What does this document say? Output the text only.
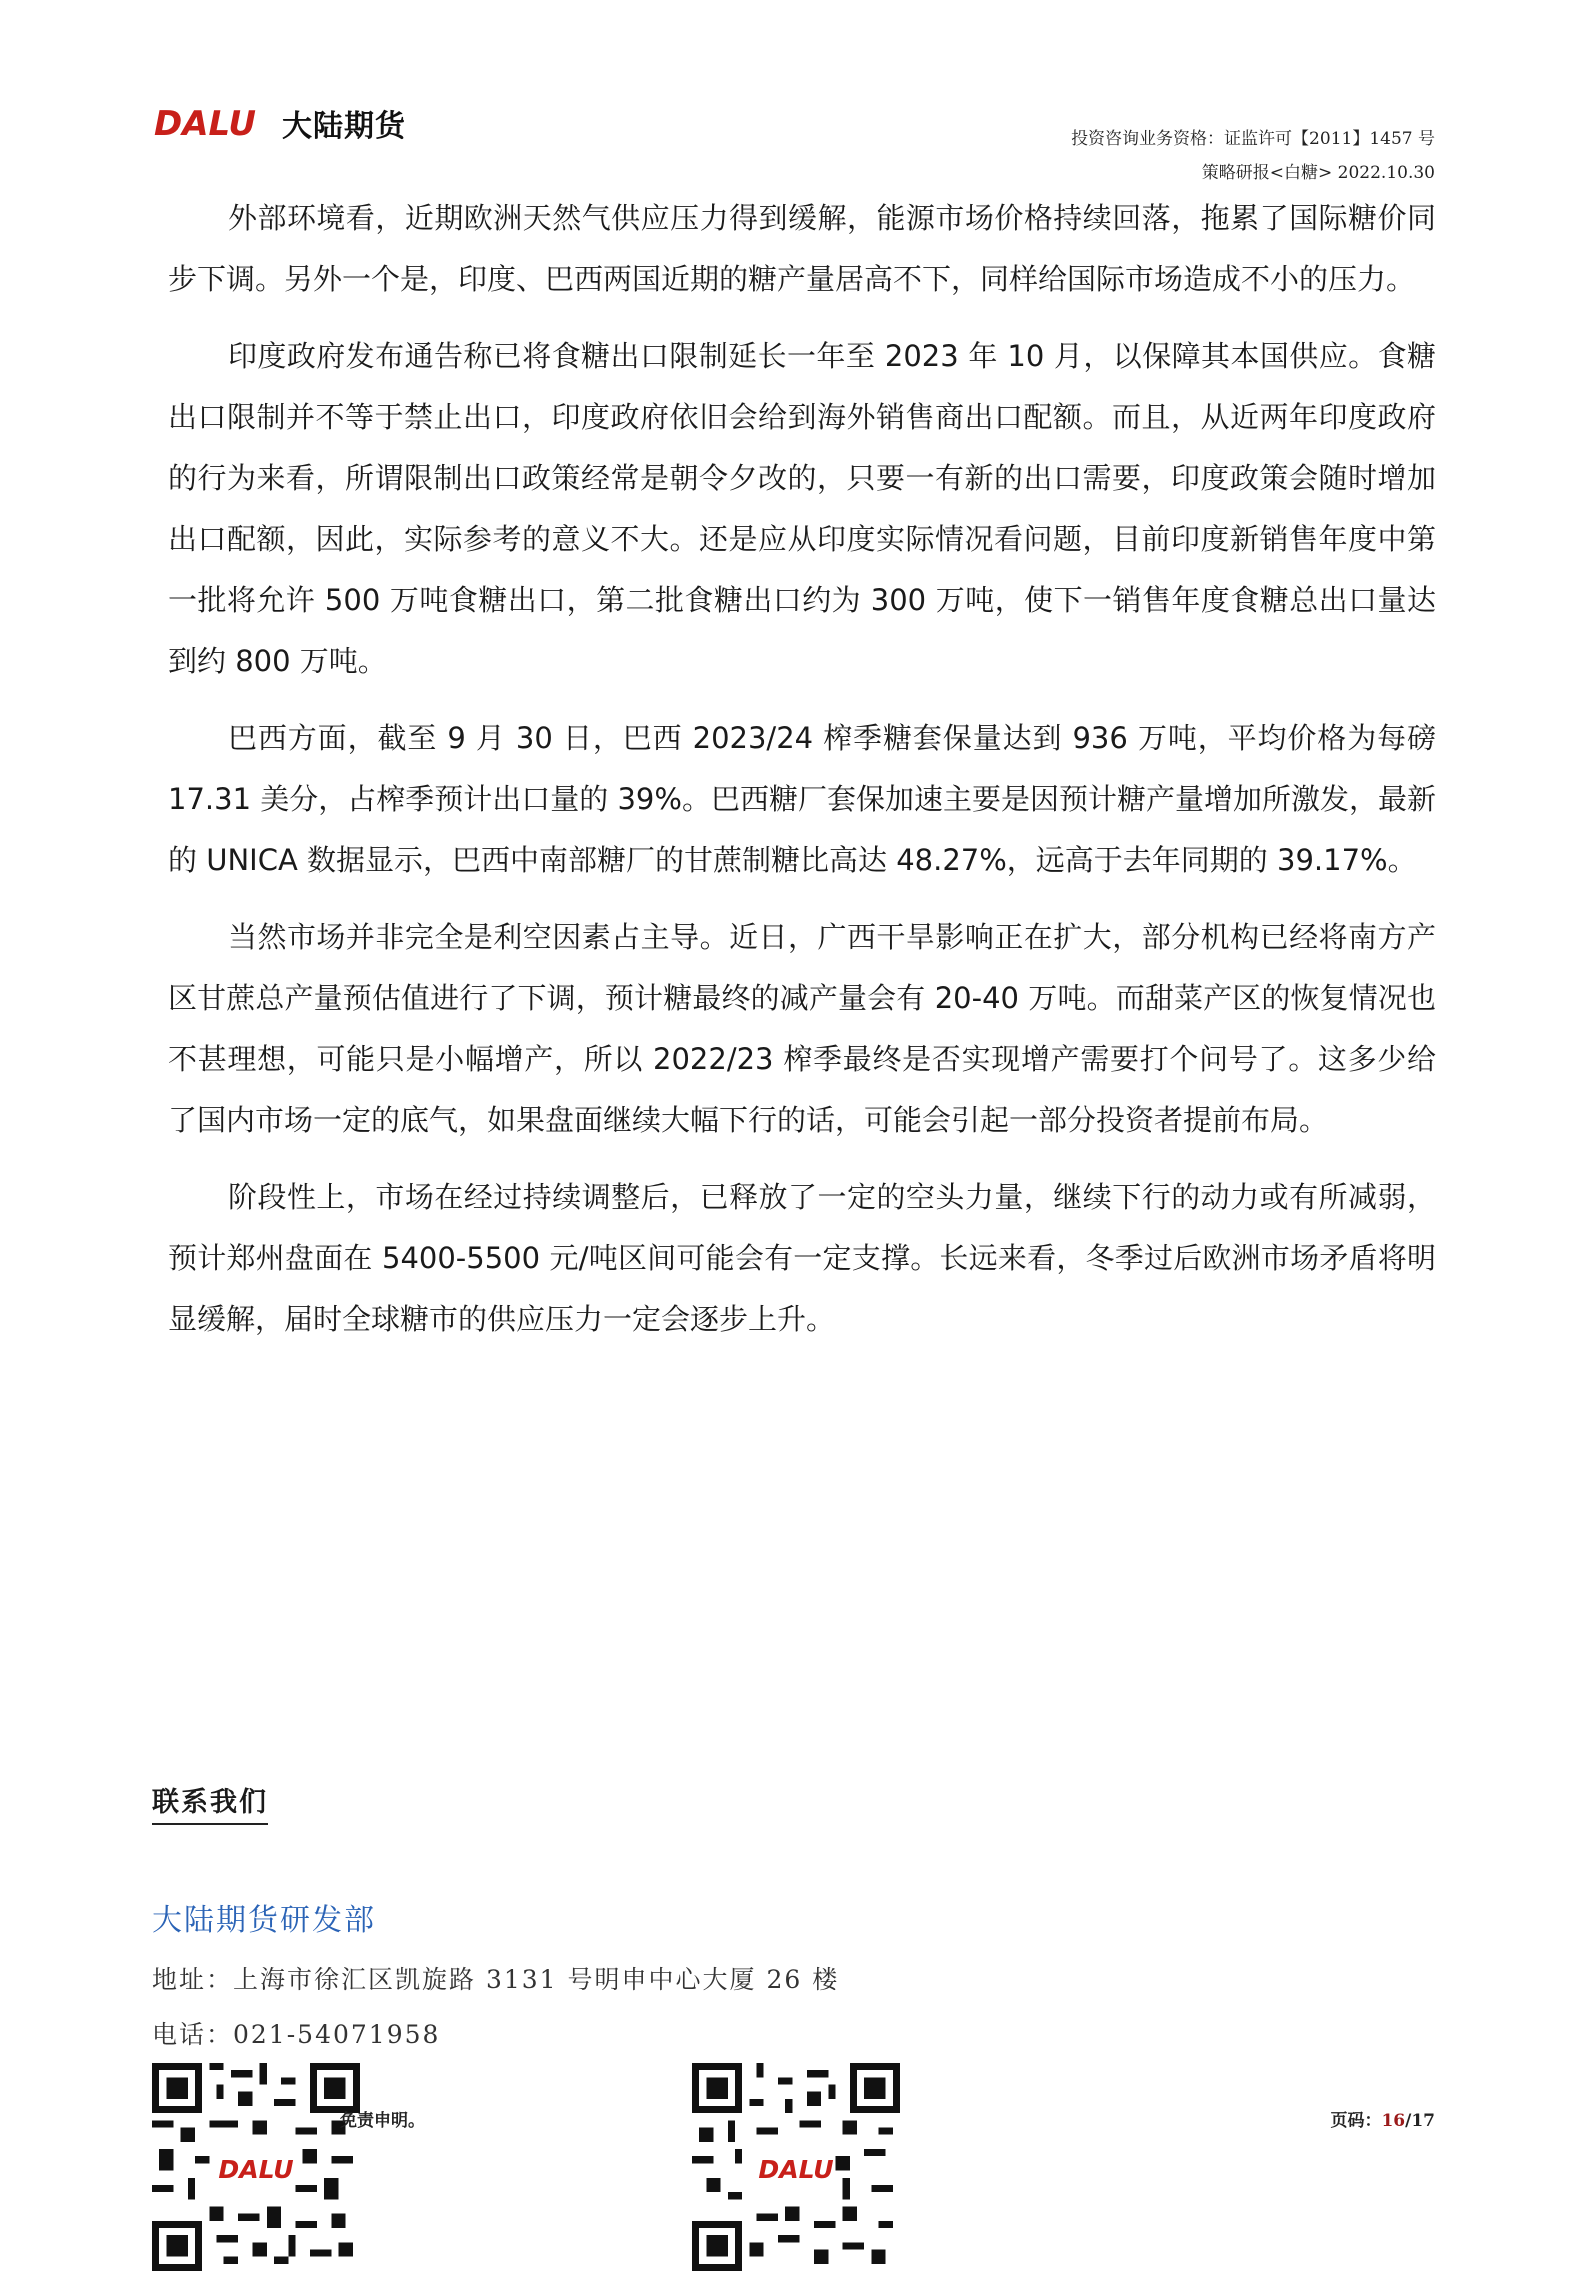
DALU 大陆期货	投资咨询业务资格：证监许可【2011】1457 号
策略研报<白糖> 2022.10.30

外部环境看，近期欧洲天然气供应压力得到缓解，能源市场价格持续回落，拖累了国际糖价同步下调。另外一个是，印度、巴西两国近期的糖产量居高不下，同样给国际市场造成不小的压力。

印度政府发布通告称已将食糖出口限制延长一年至 2023 年 10 月，以保障其本国供应。食糖出口限制并不等于禁止出口，印度政府依旧会给到海外销售商出口配额。而且，从近两年印度政府的行为来看，所谓限制出口政策经常是朝令夕改的，只要一有新的出口需要，印度政策会随时增加出口配额，因此，实际参考的意义不大。还是应从印度实际情况看问题，目前印度新销售年度中第一批将允许 500 万吨食糖出口，第二批食糖出口约为 300 万吨，使下一销售年度食糖总出口量达到约 800 万吨。

巴西方面，截至 9 月 30 日，巴西 2023/24 榨季糖套保量达到 936 万吨，平均价格为每磅 17.31 美分，占榨季预计出口量的 39%。巴西糖厂套保加速主要是因预计糖产量增加所激发，最新的 UNICA 数据显示，巴西中南部糖厂的甘蔗制糖比高达 48.27%，远高于去年同期的 39.17%。

当然市场并非完全是利空因素占主导。近日，广西干旱影响正在扩大，部分机构已经将南方产区甘蔗总产量预估值进行了下调，预计糖最终的减产量会有 20-40 万吨。而甜菜产区的恢复情况也不甚理想，可能只是小幅增产，所以 2022/23 榨季最终是否实现增产需要打个问号了。这多少给了国内市场一定的底气，如果盘面继续大幅下行的话，可能会引起一部分投资者提前布局。

阶段性上，市场在经过持续调整后，已释放了一定的空头力量，继续下行的动力或有所减弱，预计郑州盘面在 5400-5500 元/吨区间可能会有一定支撑。长远来看，冬季过后欧洲市场矛盾将明显缓解，届时全球糖市的供应压力一定会逐步上升。

联系我们
大陆期货研发部
地址：上海市徐汇区凯旋路 3131 号明申中心大厦 26 楼
电话：021-54071958
DALU	DALU
免责申明。	页码：16/17
